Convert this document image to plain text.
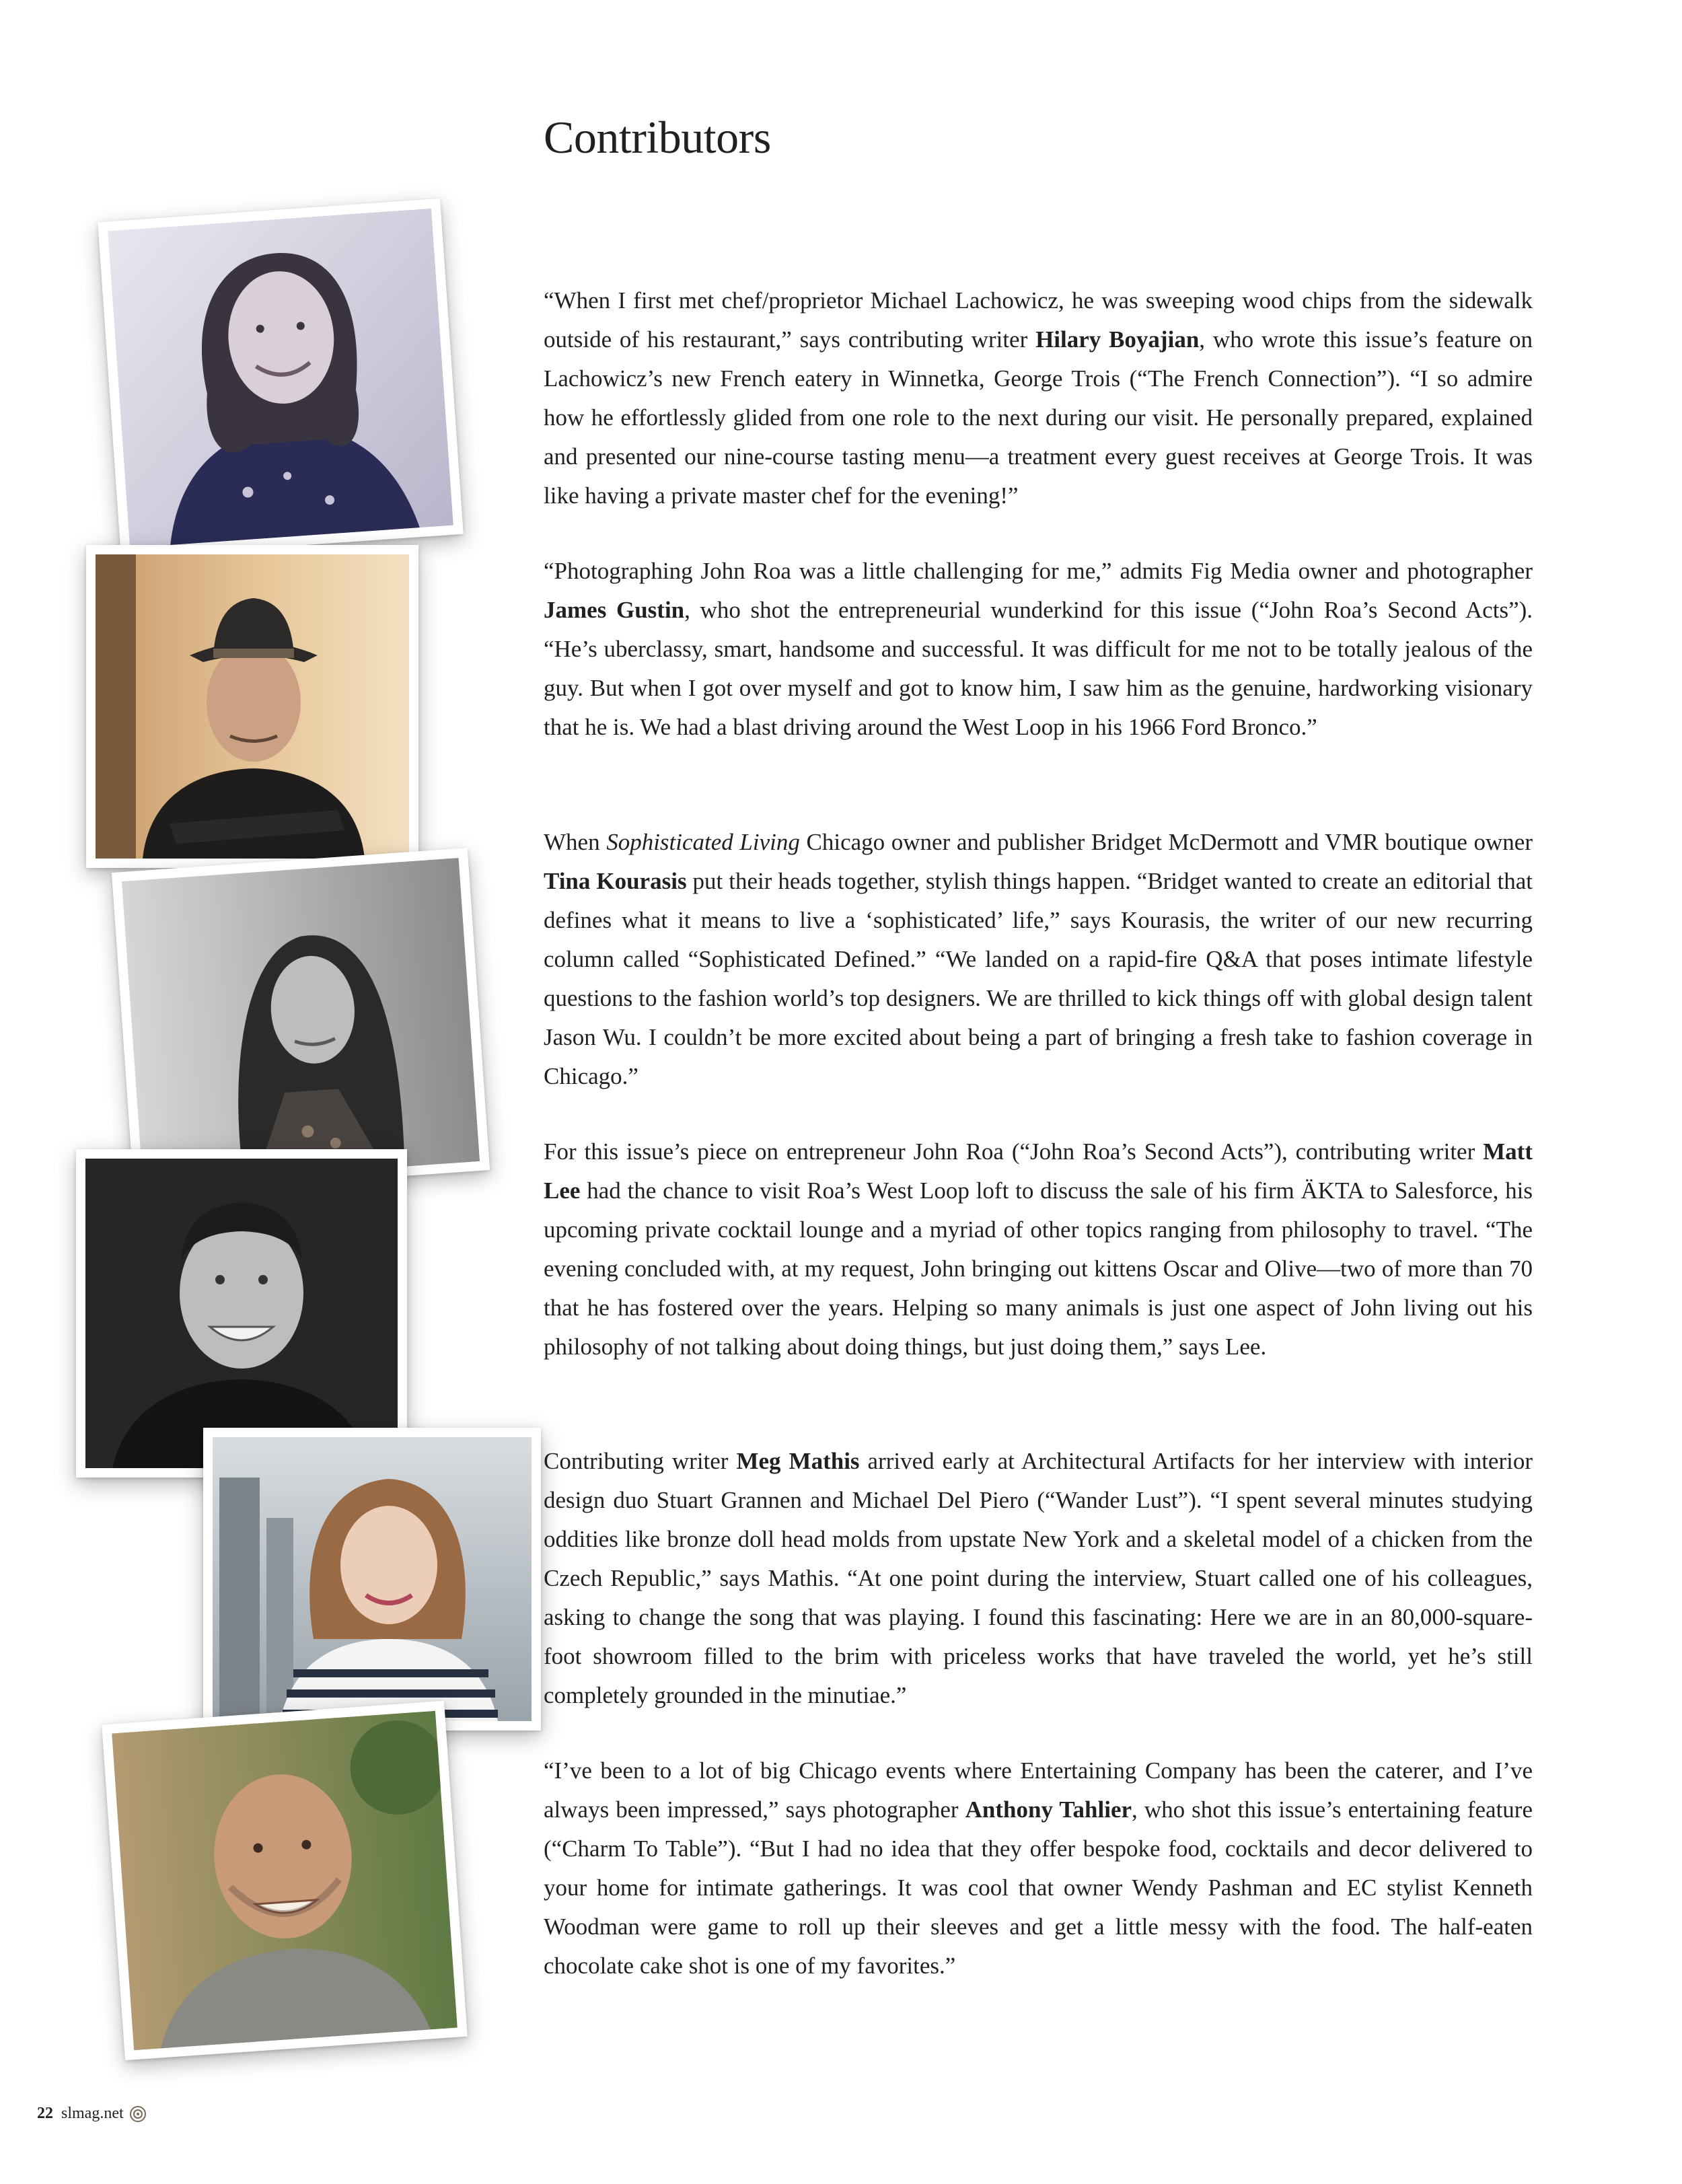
Contributors
“When I first met chef/proprietor Michael Lachowicz, he was sweeping wood chips from the sidewalk outside of his restaurant,” says contributing writer Hilary Boyajian, who wrote this issue’s feature on Lachowicz’s new French eatery in Winnetka, George Trois (“The French Connection”). “I so admire how he effortlessly glided from one role to the next during our visit. He personally prepared, explained and presented our nine-course tasting menu—a treatment every guest receives at George Trois. It was like having a private master chef for the evening!”
“Photographing John Roa was a little challenging for me,” admits Fig Media owner and photographer James Gustin, who shot the entrepreneurial wunderkind for this issue (“John Roa’s Second Acts”). “He’s uberclassy, smart, handsome and successful. It was difficult for me not to be totally jealous of the guy. But when I got over myself and got to know him, I saw him as the genuine, hardworking visionary that he is. We had a blast driving around the West Loop in his 1966 Ford Bronco.”
When Sophisticated Living Chicago owner and publisher Bridget McDermott and VMR boutique owner Tina Kourasis put their heads together, stylish things happen. “Bridget wanted to create an editorial that defines what it means to live a ‘sophisticated’ life,” says Kourasis, the writer of our new recurring column called “Sophisticated Defined.” “We landed on a rapid-fire Q&A that poses intimate lifestyle questions to the fashion world’s top designers. We are thrilled to kick things off with global design talent Jason Wu. I couldn’t be more excited about being a part of bringing a fresh take to fashion coverage in Chicago.”
For this issue’s piece on entrepreneur John Roa (“John Roa’s Second Acts”), contributing writer Matt Lee had the chance to visit Roa’s West Loop loft to discuss the sale of his firm ÄKTA to Salesforce, his upcoming private cocktail lounge and a myriad of other topics ranging from philosophy to travel. “The evening concluded with, at my request, John bringing out kittens Oscar and Olive—two of more than 70 that he has fostered over the years. Helping so many animals is just one aspect of John living out his philosophy of not talking about doing things, but just doing them,” says Lee.
Contributing writer Meg Mathis arrived early at Architectural Artifacts for her interview with interior design duo Stuart Grannen and Michael Del Piero (“Wander Lust”). “I spent several minutes studying oddities like bronze doll head molds from upstate New York and a skeletal model of a chicken from the Czech Republic,” says Mathis. “At one point during the interview, Stuart called one of his colleagues, asking to change the song that was playing. I found this fascinating: Here we are in an 80,000-square-foot showroom filled to the brim with priceless works that have traveled the world, yet he’s still completely grounded in the minutiae.”
“I’ve been to a lot of big Chicago events where Entertaining Company has been the caterer, and I’ve always been impressed,” says photographer Anthony Tahlier, who shot this issue’s entertaining feature (“Charm To Table”). “But I had no idea that they offer bespoke food, cocktails and decor delivered to your home for intimate gatherings. It was cool that owner Wendy Pashman and EC stylist Kenneth Woodman were game to roll up their sleeves and get a little messy with the food. The half-eaten chocolate cake shot is one of my favorites.”
22 slmag.net
